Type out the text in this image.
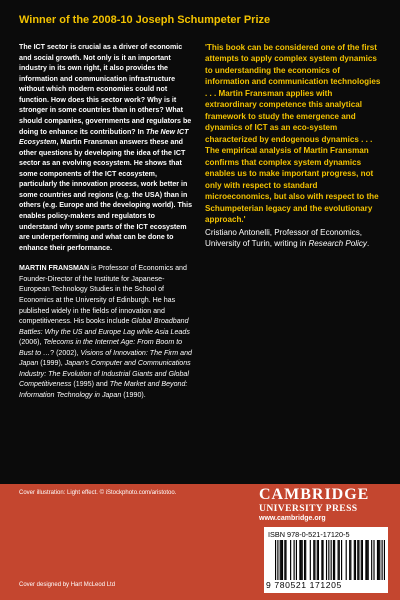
Winner of the 2008-10 Joseph Schumpeter Prize

The ICT sector is crucial as a driver of economic and social growth. Not only is it an important industry in its own right, it also provides the information and communication infrastructure without which modern economies could not function. How does this sector work? Why is it stronger in some countries than in others? What should companies, governments and regulators be doing to enhance its contribution? In The New ICT Ecosystem, Martin Fransman answers these and other questions by developing the idea of the ICT sector as an evolving ecosystem. He shows that some components of the ICT ecosystem, particularly the innovation process, work better in some countries and regions (e.g. the USA) than in others (e.g. Europe and the developing world). This enables policy-makers and regulators to understand why some parts of the ICT ecosystem are underperforming and what can be done to enhance their performance.

MARTIN FRANSMAN is Professor of Economics and Founder-Director of the Institute for Japanese-European Technology Studies in the School of Economics at the University of Edinburgh. He has published widely in the fields of innovation and competitiveness. His books include Global Broadband Battles: Why the US and Europe Lag while Asia Leads (2006), Telecoms in the Internet Age: From Boom to Bust to …? (2002), Visions of Innovation: The Firm and Japan (1999), Japan's Computer and Communications Industry: The Evolution of Industrial Giants and Global Competitiveness (1995) and The Market and Beyond: Information Technology in Japan (1990).

'This book can be considered one of the first attempts to apply complex system dynamics to understanding the economics of information and communication technologies . . . Martin Fransman applies with extraordinary competence this analytical framework to study the emergence and dynamics of ICT as an eco-system characterized by endogenous dynamics . . . The empirical analysis of Martin Fransman confirms that complex system dynamics enables us to make important progress, not only with respect to standard microeconomics, but also with respect to the Schumpeterian legacy and the evolutionary approach.'

Cristiano Antonelli, Professor of Economics, University of Turin, writing in Research Policy.

Cover illustration: Light effect. © iStockphoto.com/aristotoo.
Cover designed by Hart McLeod Ltd
CAMBRIDGE
UNIVERSITY PRESS
www.cambridge.org
ISBN 978-0-521-17120-5
9 780521 171205
